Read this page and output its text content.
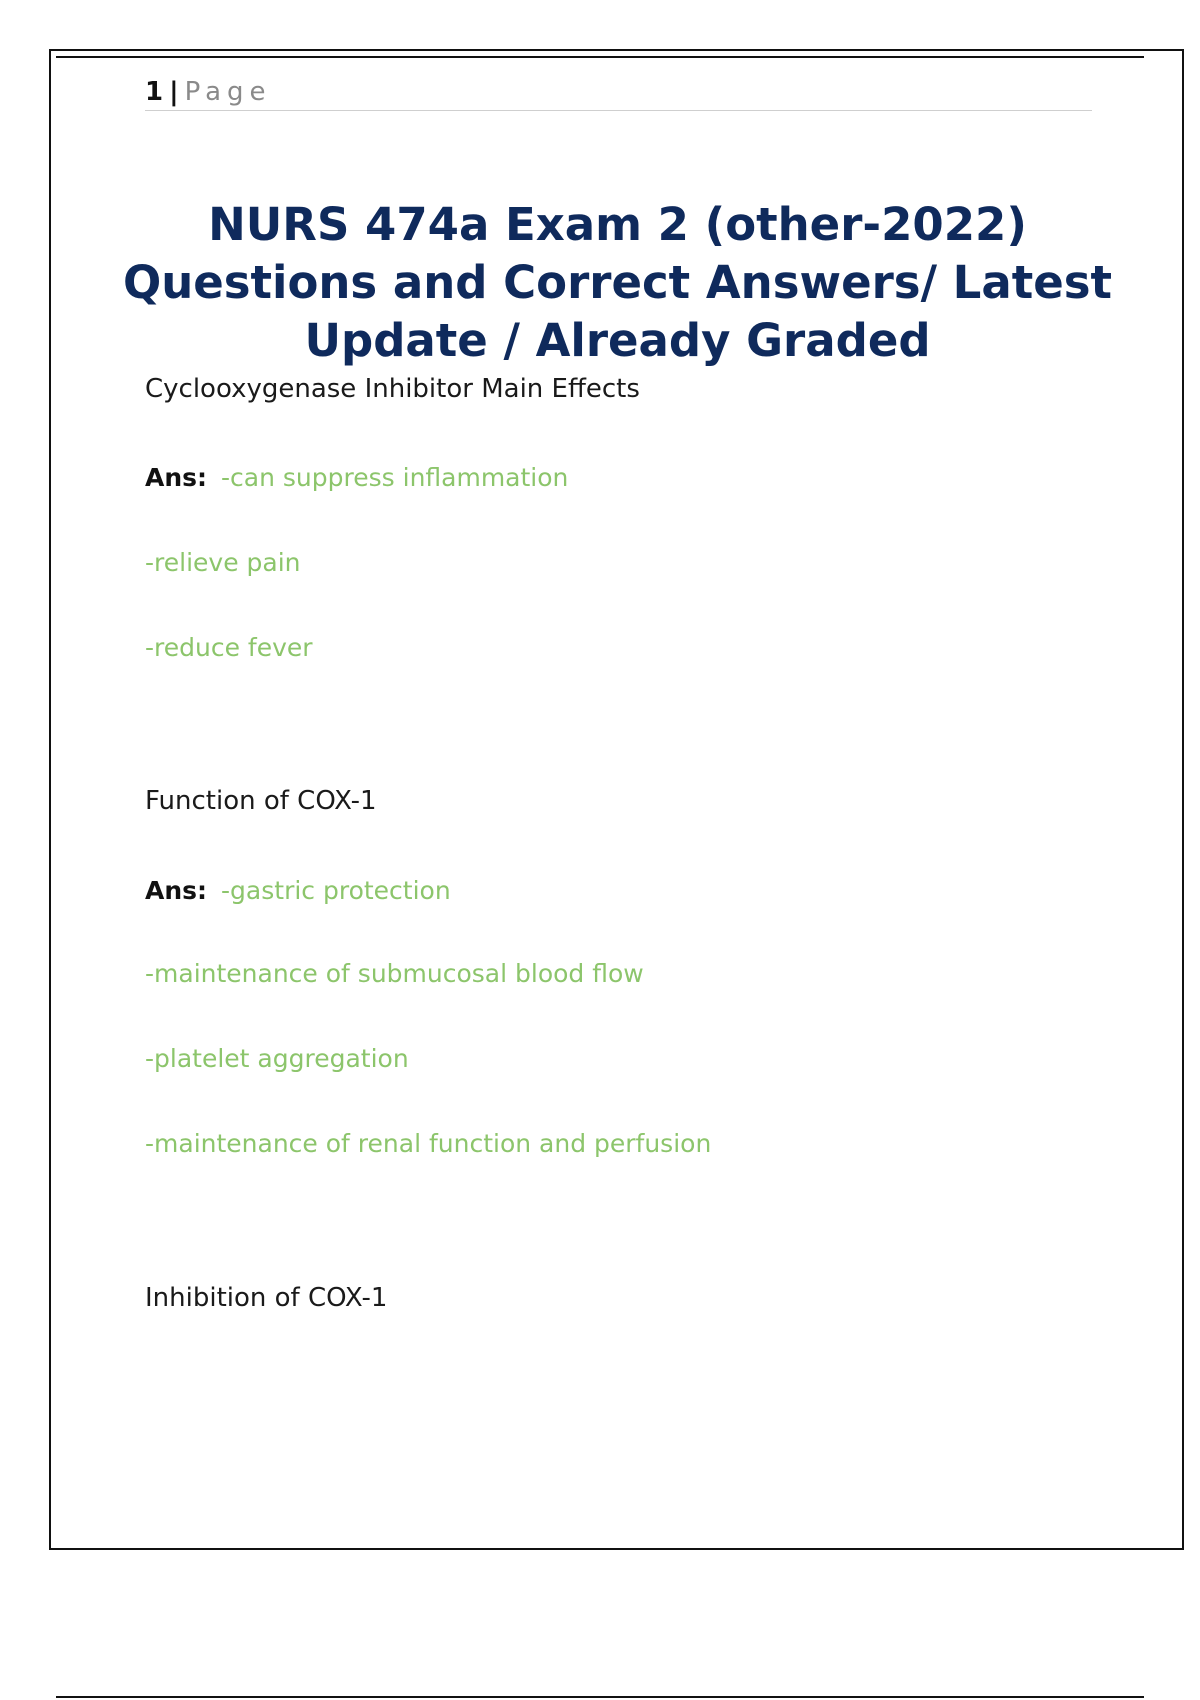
1 | Page
NURS 474a Exam 2 (other-2022)
Questions and Correct Answers/ Latest
Update / Already Graded
Cyclooxygenase Inhibitor Main Effects
Ans: -can suppress inflammation
-relieve pain
-reduce fever
Function of COX-1
Ans: -gastric protection
-maintenance of submucosal blood flow
-platelet aggregation
-maintenance of renal function and perfusion
Inhibition of COX-1
